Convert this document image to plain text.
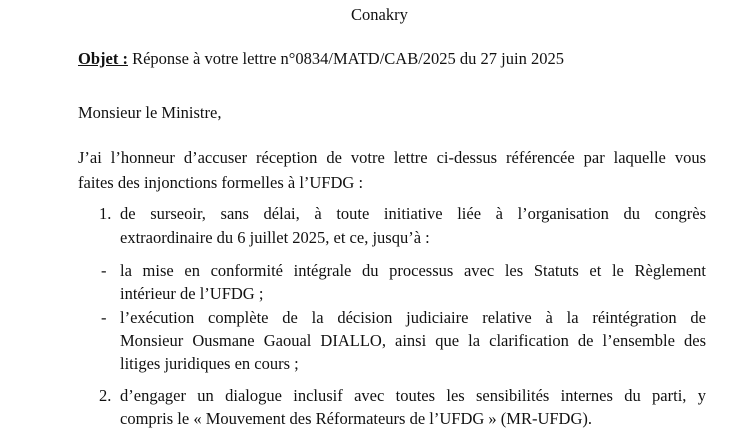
Conakry
Objet : Réponse à votre lettre n°0834/MATD/CAB/2025 du 27 juin 2025
Monsieur le Ministre,
J’ai l’honneur d’accuser réception de votre lettre ci-dessus référencée par laquelle vous
faites des injonctions formelles à l’UFDG :
1. de surseoir, sans délai, à toute initiative liée à l’organisation du congrès
extraordinaire du 6 juillet 2025, et ce, jusqu’à :
- la mise en conformité intégrale du processus avec les Statuts et le Règlement
intérieur de l’UFDG ;
- l’exécution complète de la décision judiciaire relative à la réintégration de
Monsieur Ousmane Gaoual DIALLO, ainsi que la clarification de l’ensemble des
litiges juridiques en cours ;
2. d’engager un dialogue inclusif avec toutes les sensibilités internes du parti, y
compris le « Mouvement des Réformateurs de l’UFDG » (MR-UFDG).
